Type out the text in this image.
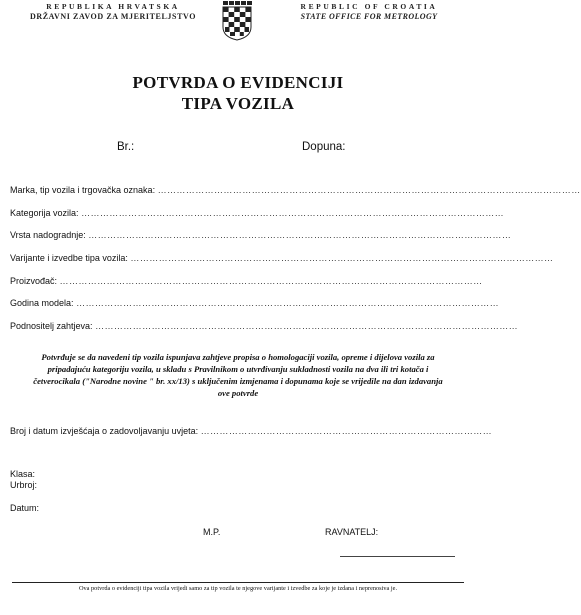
REPUBLIKA HRVATSKA
DRŽAVNI ZAVOD ZA MJERITELJSTVO
REPUBLIC OF CROATIA
STATE OFFICE FOR METROLOGY
POTVRDA O EVIDENCIJI
TIPA VOZILA
Br.:	Dopuna:
Marka, tip vozila i trgovačka oznaka: ………………………………………………………………………………………………………………………
Kategorija vozila: ………………………………………………………………………………………………………………………
Vrsta nadogradnje: ………………………………………………………………………………………………………………………
Varijante i izvedbe tipa vozila: ………………………………………………………………………………………………………………………
Proizvođač: ………………………………………………………………………………………………………………………
Godina modela: ………………………………………………………………………………………………………………………
Podnositelj zahtjeva: ………………………………………………………………………………………………………………………

Potvrđuje se da navedeni tip vozila ispunjava zahtjeve propisa o homologaciji vozila, opreme i dijelova vozila za pripadajuću kategoriju vozila, u skladu s Pravilnikom o utvrđivanju sukladnosti vozila na dva ili tri kotača i četverocikala ("Narodne novine " br. xx/13) s uključenim izmjenama i dopunama koje se vrijedile na dan izdavanja ove potvrde

Broj i datum izvješćaja o zadovoljavanju uvjeta: …………………………………………………………………………………
Klasa:
Urbroj:
Datum:
M.P.	RAVNATELJ:
Ova potvrda o evidenciji tipa vozila vrijedi samo za tip vozila te njegove varijante i izvedbe za koje je izdana i neprenosiva je.
